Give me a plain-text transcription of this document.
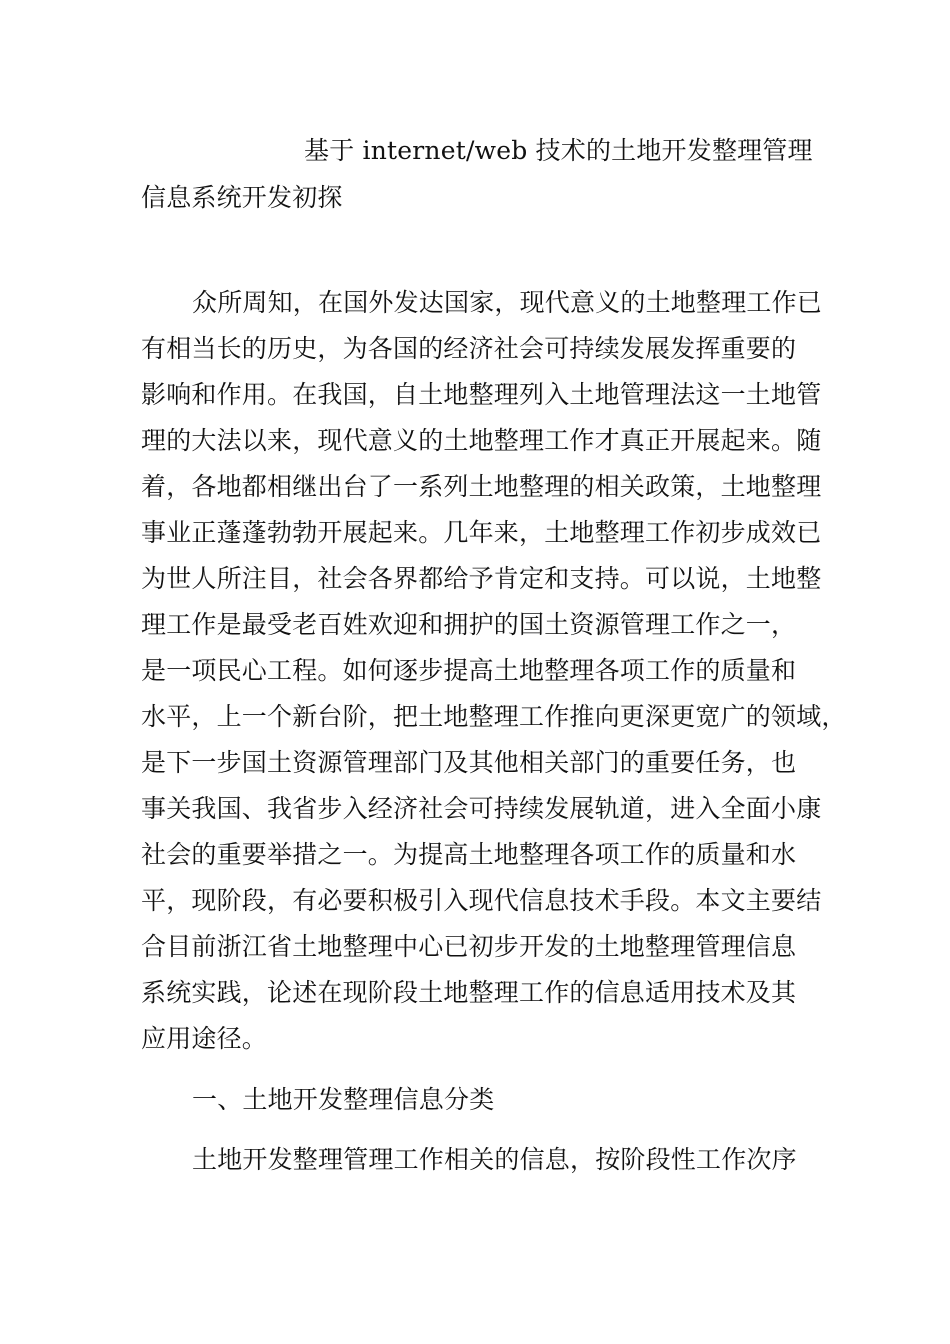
基于 internet/web 技术的土地开发整理管理
信息系统开发初探
众所周知，在国外发达国家，现代意义的土地整理工作已
有相当长的历史，为各国的经济社会可持续发展发挥重要的
影响和作用。在我国，自土地整理列入土地管理法这一土地管
理的大法以来，现代意义的土地整理工作才真正开展起来。随
着，各地都相继出台了一系列土地整理的相关政策，土地整理
事业正蓬蓬勃勃开展起来。几年来，土地整理工作初步成效已
为世人所注目，社会各界都给予肯定和支持。可以说，土地整
理工作是最受老百姓欢迎和拥护的国土资源管理工作之一，
是一项民心工程。如何逐步提高土地整理各项工作的质量和
水平，上一个新台阶，把土地整理工作推向更深更宽广的领域，
是下一步国土资源管理部门及其他相关部门的重要任务，也
事关我国、我省步入经济社会可持续发展轨道，进入全面小康
社会的重要举措之一。为提高土地整理各项工作的质量和水
平，现阶段，有必要积极引入现代信息技术手段。本文主要结
合目前浙江省土地整理中心已初步开发的土地整理管理信息
系统实践，论述在现阶段土地整理工作的信息适用技术及其
应用途径。
一、土地开发整理信息分类
土地开发整理管理工作相关的信息，按阶段性工作次序
